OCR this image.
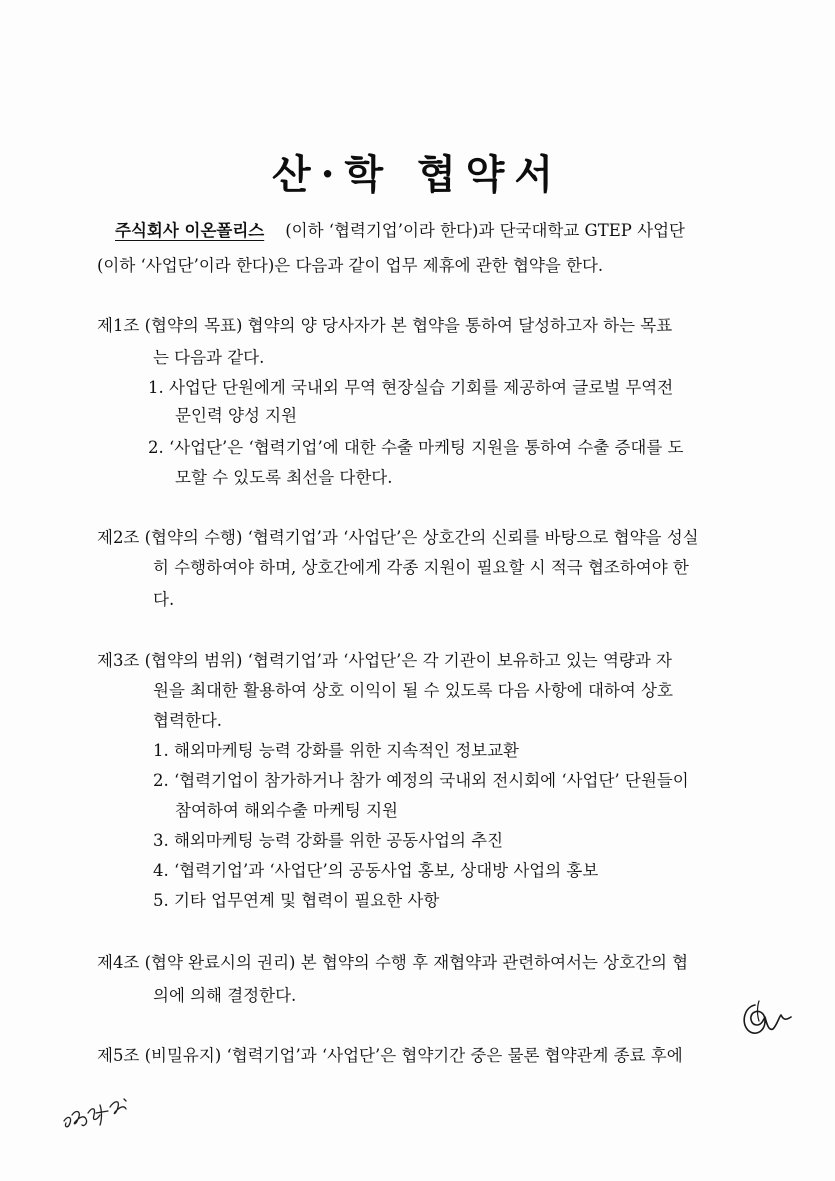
산·학 협약서
주식회사 이온폴리스 (이하 ‘협력기업’이라 한다)과 단국대학교 GTEP 사업단
(이하 ‘사업단’이라 한다)은 다음과 같이 업무 제휴에 관한 협약을 한다.
제1조 (협약의 목표) 협약의 양 당사자가 본 협약을 통하여 달성하고자 하는 목표
는 다음과 같다.
1. 사업단 단원에게 국내외 무역 현장실습 기회를 제공하여 글로벌 무역전
문인력 양성 지원
2. ‘사업단’은 ‘협력기업’에 대한 수출 마케팅 지원을 통하여 수출 증대를 도
모할 수 있도록 최선을 다한다.
제2조 (협약의 수행) ‘협력기업’과 ‘사업단’은 상호간의 신뢰를 바탕으로 협약을 성실
히 수행하여야 하며, 상호간에게 각종 지원이 필요할 시 적극 협조하여야 한
다.
제3조 (협약의 범위) ‘협력기업’과 ‘사업단’은 각 기관이 보유하고 있는 역량과 자
원을 최대한 활용하여 상호 이익이 될 수 있도록 다음 사항에 대하여 상호
협력한다.
1. 해외마케팅 능력 강화를 위한 지속적인 정보교환
2. ‘협력기업이 참가하거나 참가 예정의 국내외 전시회에 ‘사업단’ 단원들이
참여하여 해외수출 마케팅 지원
3. 해외마케팅 능력 강화를 위한 공동사업의 추진
4. ‘협력기업’과 ‘사업단’의 공동사업 홍보, 상대방 사업의 홍보
5. 기타 업무연계 및 협력이 필요한 사항
제4조 (협약 완료시의 권리) 본 협약의 수행 후 재협약과 관련하여서는 상호간의 협
의에 의해 결정한다.
제5조 (비밀유지) ‘협력기업’과 ‘사업단’은 협약기간 중은 물론 협약관계 종료 후에
